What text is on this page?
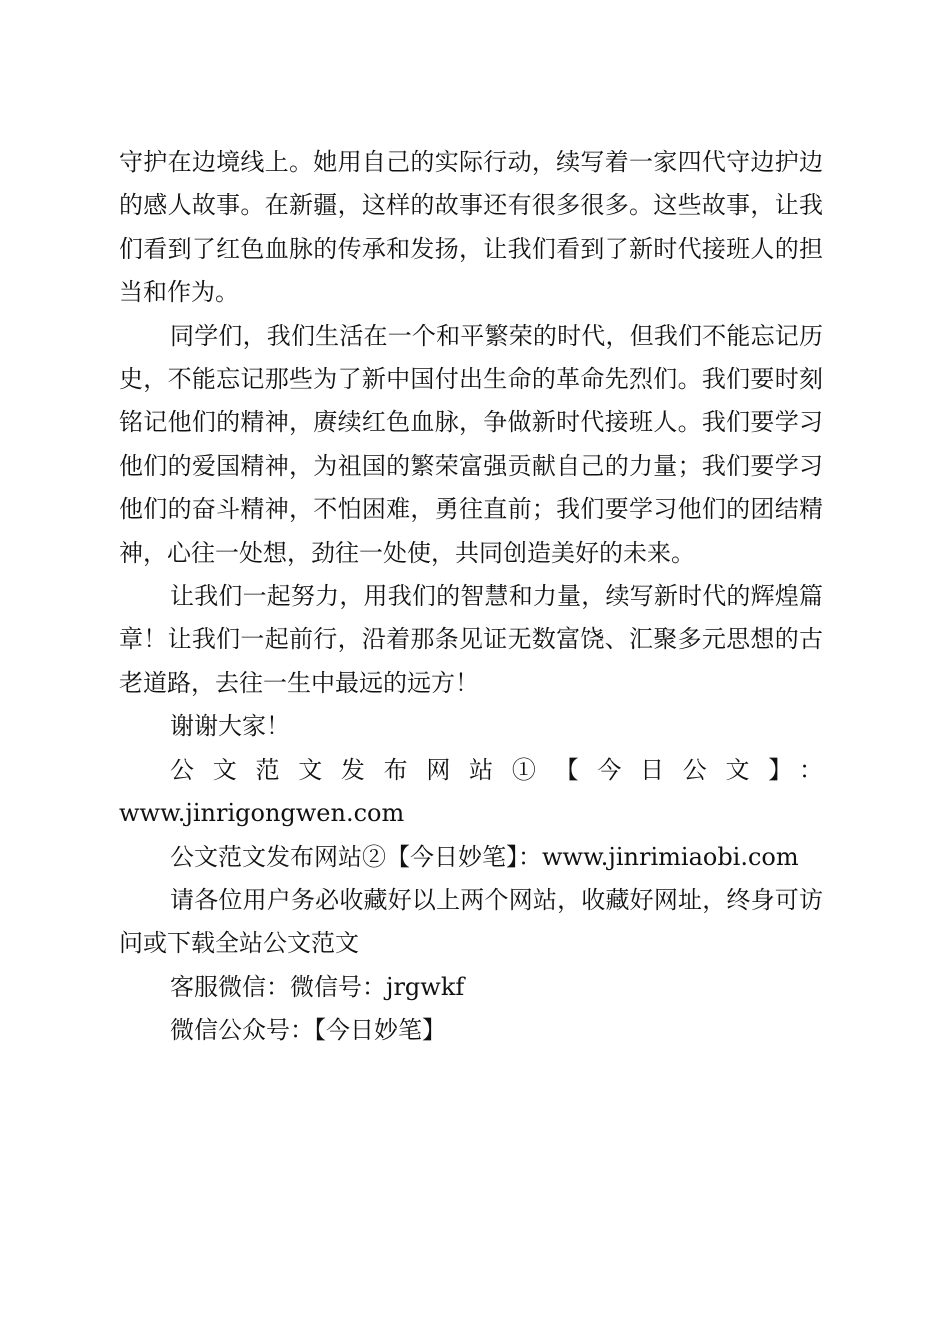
守护在边境线上。她用自己的实际行动，续写着一家四代守边护边的感人故事。在新疆，这样的故事还有很多很多。这些故事，让我们看到了红色血脉的传承和发扬，让我们看到了新时代接班人的担当和作为。

同学们，我们生活在一个和平繁荣的时代，但我们不能忘记历史，不能忘记那些为了新中国付出生命的革命先烈们。我们要时刻铭记他们的精神，赓续红色血脉，争做新时代接班人。我们要学习他们的爱国精神，为祖国的繁荣富强贡献自己的力量；我们要学习他们的奋斗精神，不怕困难，勇往直前；我们要学习他们的团结精神，心往一处想，劲往一处使，共同创造美好的未来。

让我们一起努力，用我们的智慧和力量，续写新时代的辉煌篇章！让我们一起前行，沿着那条见证无数富饶、汇聚多元思想的古老道路，去往一生中最远的远方！

谢谢大家！

公文范文发布网站①【今日公文】：

www.jinrigongwen.com

公文范文发布网站②【今日妙笔】：www.jinrimiaobi.com

请各位用户务必收藏好以上两个网站，收藏好网址，终身可访问或下载全站公文范文

客服微信：微信号：jrgwkf

微信公众号：【今日妙笔】
